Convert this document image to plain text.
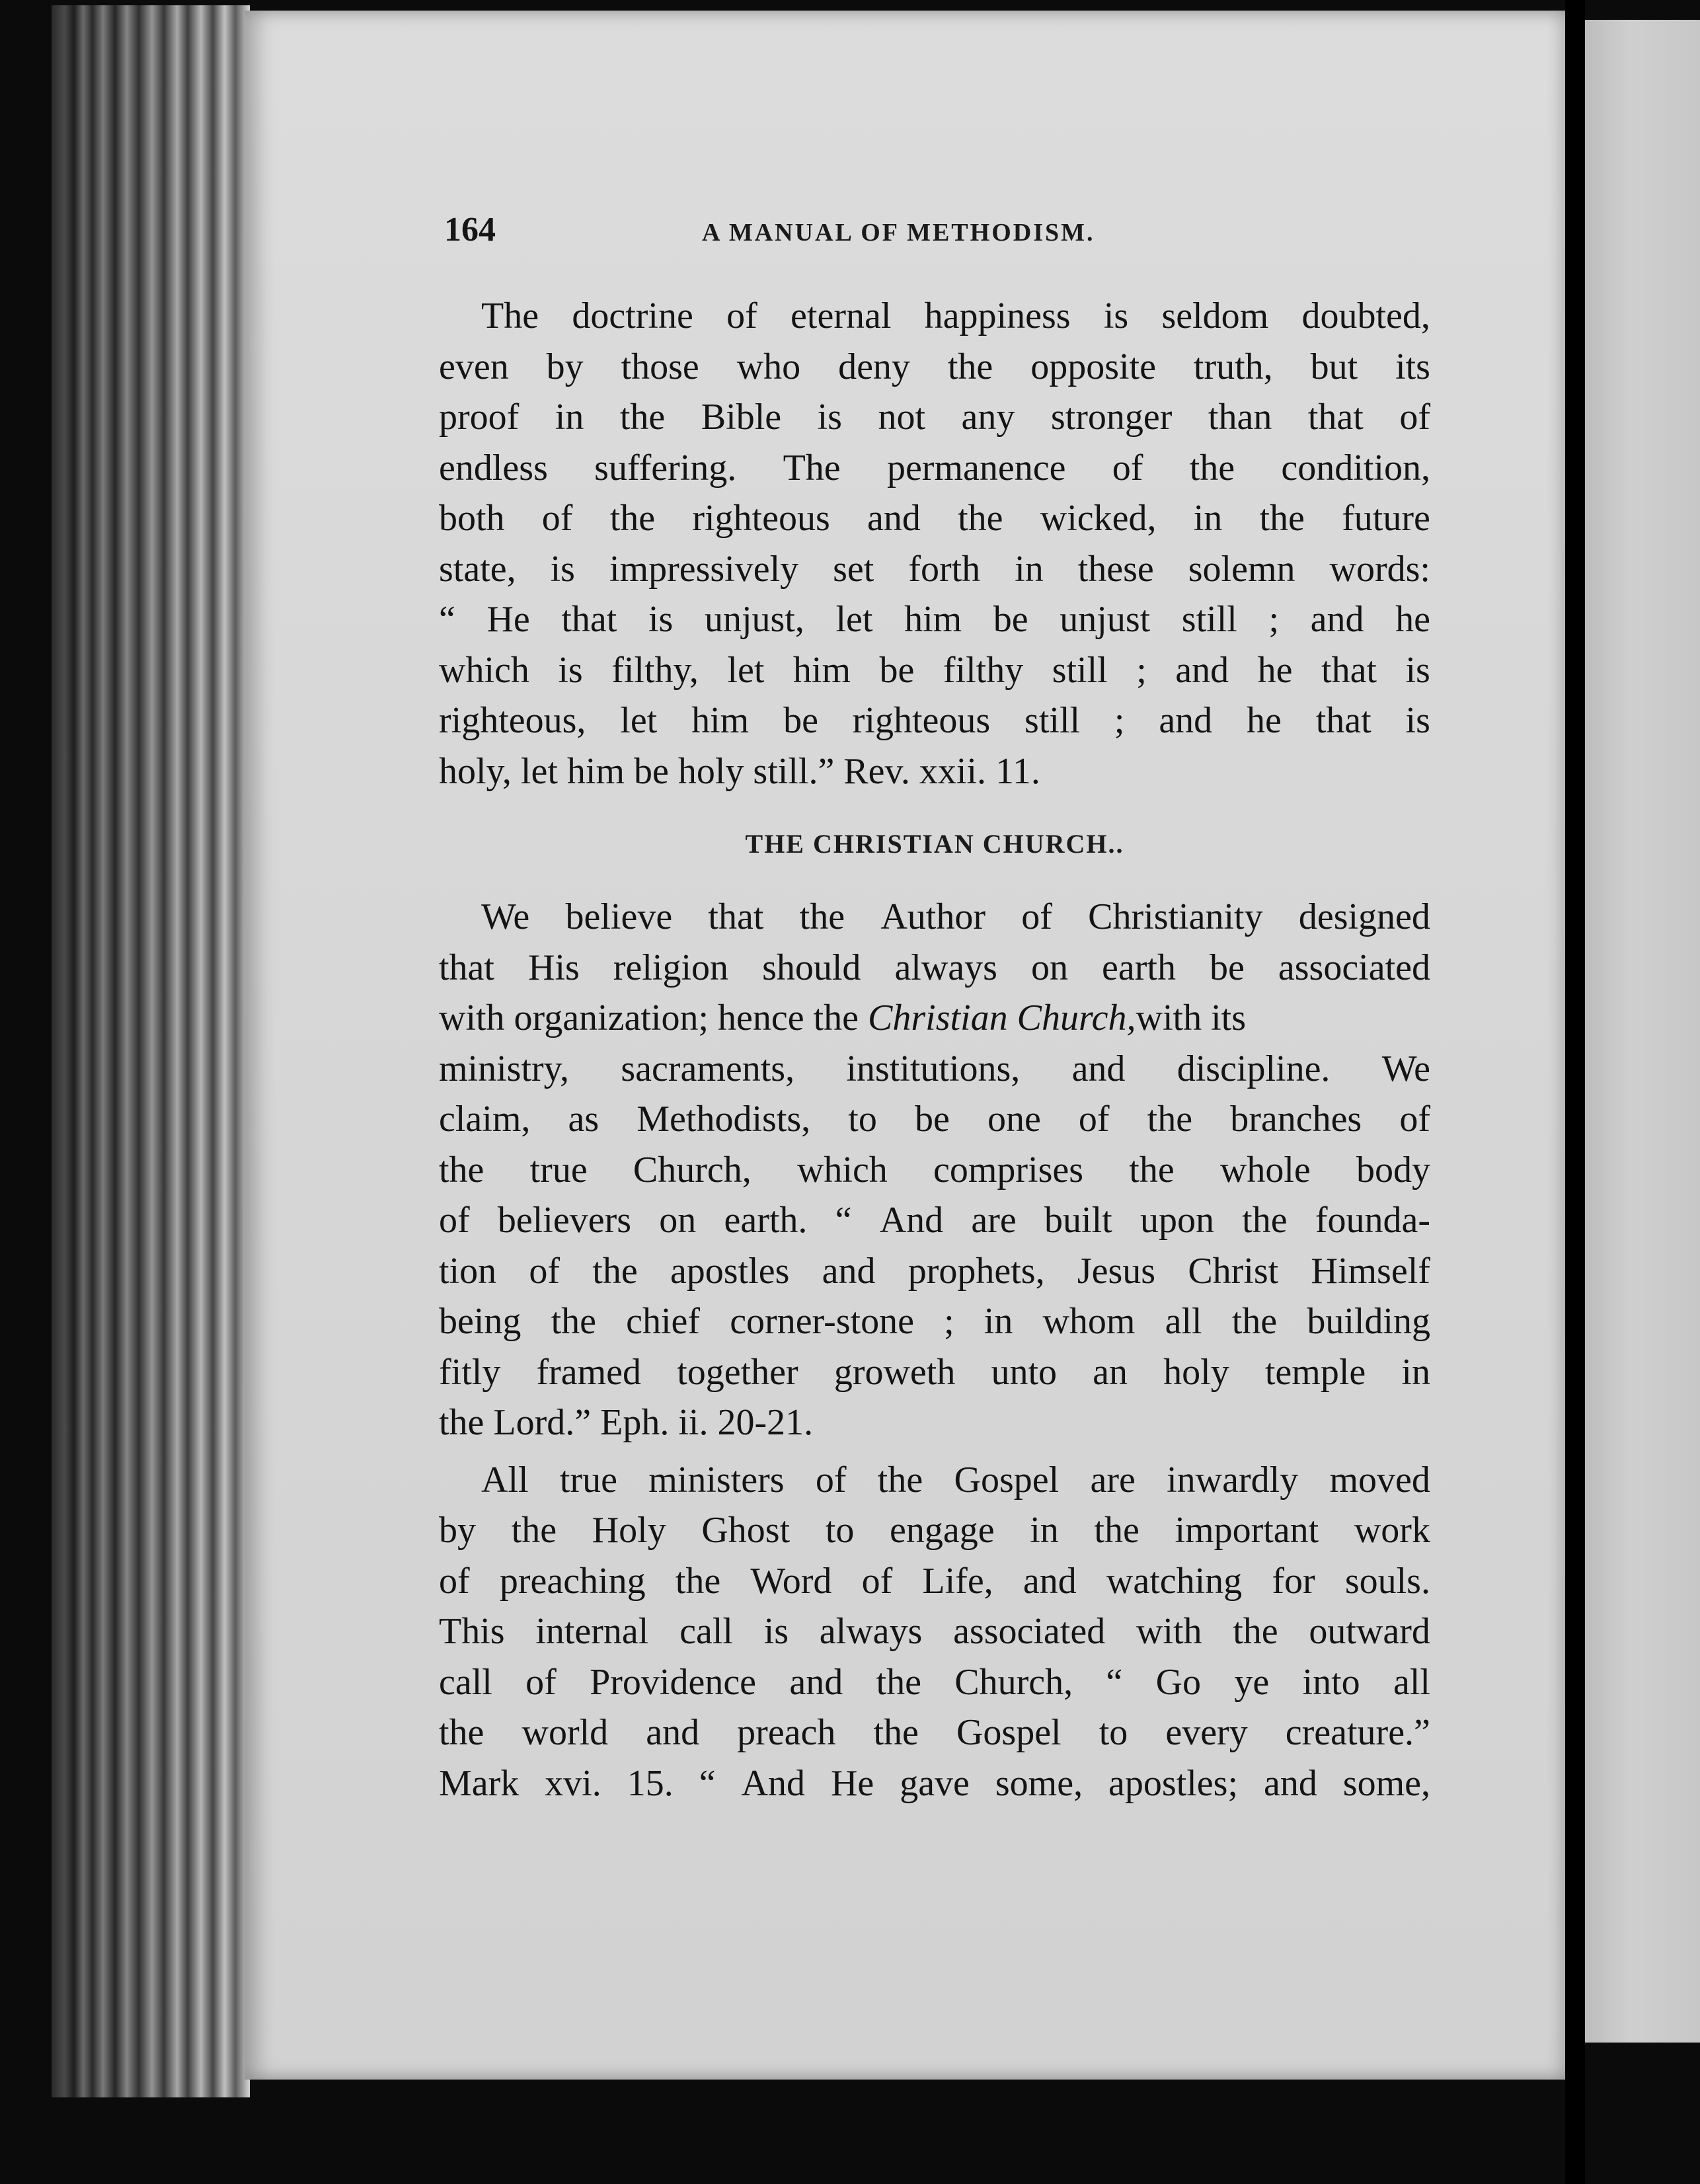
164	A MANUAL OF METHODISM.
The doctrine of eternal happiness is seldom doubted,
even by those who deny the opposite truth, but its
proof in the Bible is not any stronger than that of
endless suffering. The permanence of the condition,
both of the righteous and the wicked, in the future
state, is impressively set forth in these solemn words:
“ He that is unjust, let him be unjust still ; and he
which is filthy, let him be filthy still ; and he that is
righteous, let him be righteous still ; and he that is
holy, let him be holy still.” Rev. xxii. 11.
THE CHRISTIAN CHURCH..
We believe that the Author of Christianity designed
that His religion should always on earth be associated
with organization; hence the Christian Church,with its
ministry, sacraments, institutions, and discipline. We
claim, as Methodists, to be one of the branches of
the true Church, which comprises the whole body
of believers on earth. “ And are built upon the founda-
tion of the apostles and prophets, Jesus Christ Himself
being the chief corner-stone ; in whom all the building
fitly framed together groweth unto an holy temple in
the Lord.” Eph. ii. 20-21.
All true ministers of the Gospel are inwardly moved
by the Holy Ghost to engage in the important work
of preaching the Word of Life, and watching for souls.
This internal call is always associated with the outward
call of Providence and the Church, “ Go ye into all
the world and preach the Gospel to every creature.”
Mark xvi. 15. “ And He gave some, apostles; and some,
